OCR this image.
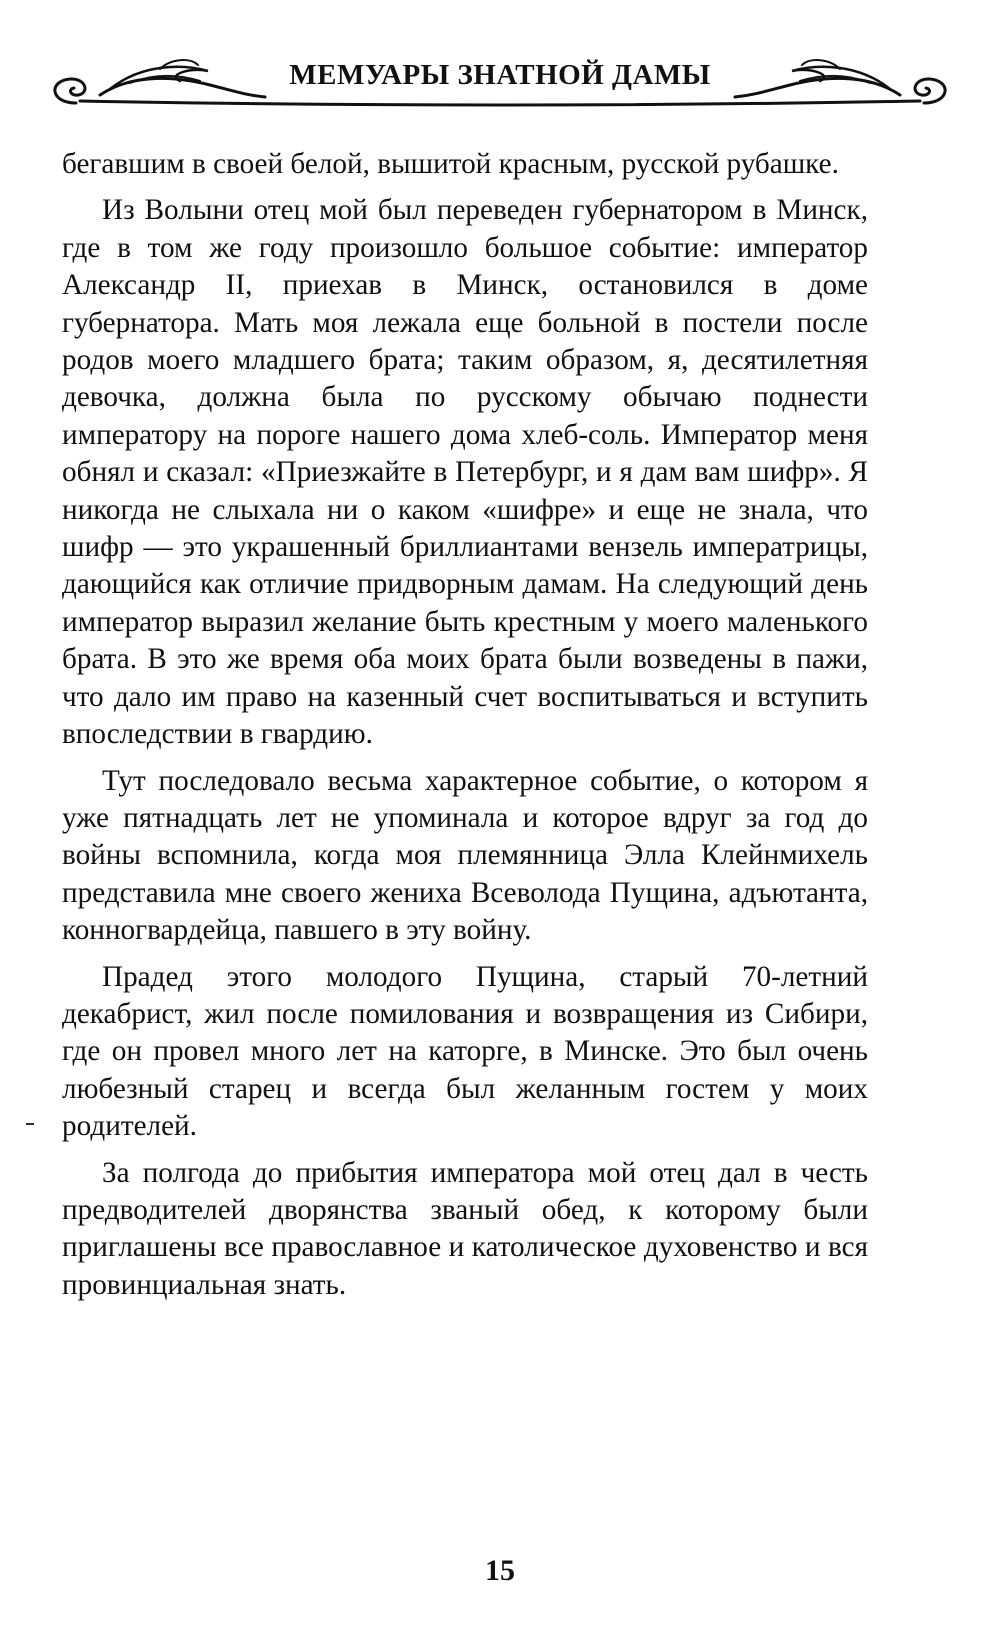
МЕМУАРЫ ЗНАТНОЙ ДАМЫ

бегавшим в своей белой, вышитой красным, русской рубашке.

Из Волыни отец мой был переведен губернатором в Минск, где в том же году произошло большое событие: император Александр II, приехав в Минск, остановился в доме губернатора. Мать моя лежала еще больной в постели после родов моего младшего брата; таким образом, я, десятилетняя девочка, должна была по русскому обычаю поднести императору на пороге нашего дома хлеб-соль. Император меня обнял и сказал: «Приезжайте в Петербург, и я дам вам шифр». Я никогда не слыхала ни о каком «шифре» и еще не знала, что шифр — это украшенный бриллиантами вензель императрицы, дающийся как отличие придворным дамам. На следующий день император выразил желание быть крестным у моего маленького брата. В это же время оба моих брата были возведены в пажи, что дало им право на казенный счет воспитываться и вступить впоследствии в гвардию.

Тут последовало весьма характерное событие, о котором я уже пятнадцать лет не упоминала и которое вдруг за год до войны вспомнила, когда моя племянница Элла Клейнмихель представила мне своего жениха Всеволода Пущина, адъютанта, конногвардейца, павшего в эту войну.

Прадед этого молодого Пущина, старый 70-летний декабрист, жил после помилования и возвращения из Сибири, где он провел много лет на каторге, в Минске. Это был очень любезный старец и всегда был желанным гостем у моих родителей.

За полгода до прибытия императора мой отец дал в честь предводителей дворянства званый обед, к которому были приглашены все православное и католическое духовенство и вся провинциальная знать.

15
